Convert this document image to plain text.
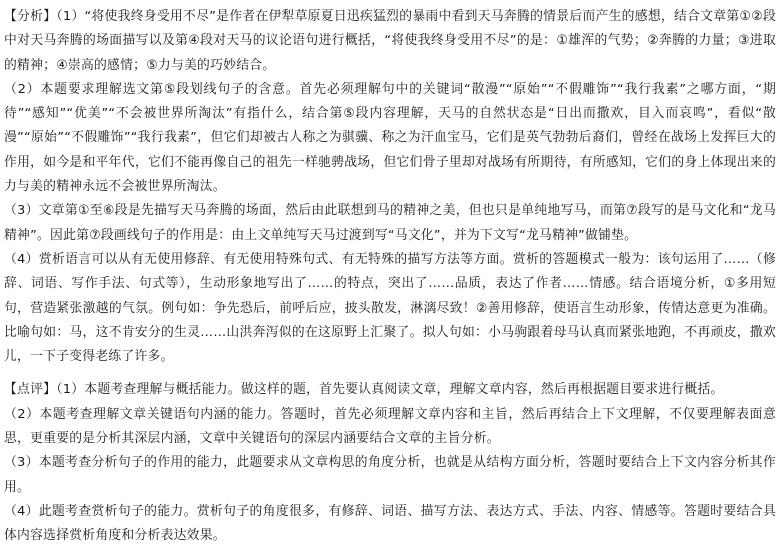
【分析】（1）“将使我终身受用不尽”是作者在伊犁草原夏日迅疾猛烈的暴雨中看到天马奔腾的情景后而产生的感想，结合文章第①②段中对天马奔腾的场面描写以及第④段对天马的议论语句进行概括，“将使我终身受用不尽”的是：①雄浑的气势；②奔腾的力量；③进取的精神；④崇高的感情；⑤力与美的巧妙结合。

（2）本题要求理解选文第⑤段划线句子的含意。首先必须理解句中的关键词“散漫”“原始”“不假雕饰”“我行我素”之哪方面，“期待”“感知”“优美”“不会被世界所淘汰”有指什么，结合第⑤段内容理解，天马的自然状态是“日出而撒欢，目入而哀鸣”，看似“散漫”“原始”“不假雕饰”“我行我素”，但它们却被古人称之为骐骥、称之为汗血宝马，它们是英气勃勃后裔们，曾经在战场上发挥巨大的作用，如今是和平年代，它们不能再像自己的祖先一样驰骋战场，但它们骨子里却对战场有所期待，有所感知，它们的身上体现出来的力与美的精神永远不会被世界所淘汰。

（3）文章第①至⑥段是先描写天马奔腾的场面，然后由此联想到马的精神之美，但也只是单纯地写马，而第⑦段写的是马文化和“龙马精神”。因此第⑦段画线句子的作用是：由上文单纯写天马过渡到写“马文化”，并为下文写“龙马精神”做铺垫。

（4）赏析语言可以从有无使用修辞、有无使用特殊句式、有无特殊的描写方法等方面。赏析的答题模式一般为：该句运用了……（修辞、词语、写作手法、句式等），生动形象地写出了……的特点，突出了……品质，表达了作者……情感。结合语境分析，①多用短句，营造紧张激越的气氛。例句如：争先恐后，前呼后应，披头散发，淋漓尽致！②善用修辞，使语言生动形象，传情达意更为准确。比喻句如：马，这不肯安分的生灵……山洪奔泻似的在这原野上汇聚了。拟人句如：小马驹跟着母马认真而紧张地跑，不再顽皮，撒欢儿，一下子变得老练了许多。

【点评】（1）本题考查理解与概括能力。做这样的题，首先要认真阅读文章，理解文章内容，然后再根据题目要求进行概括。

（2）本题考查理解文章关键语句内涵的能力。答题时，首先必须理解文章内容和主旨，然后再结合上下文理解，不仅要理解表面意思，更重要的是分析其深层内涵，文章中关键语句的深层内涵要结合文章的主旨分析。

（3）本题考查分析句子的作用的能力，此题要求从文章构思的角度分析，也就是从结构方面分析，答题时要结合上下文内容分析其作用。

（4）此题考查赏析句子的能力。赏析句子的角度很多，有修辞、词语、描写方法、表达方式、手法、内容、情感等。答题时要结合具体内容选择赏析角度和分析表达效果。
